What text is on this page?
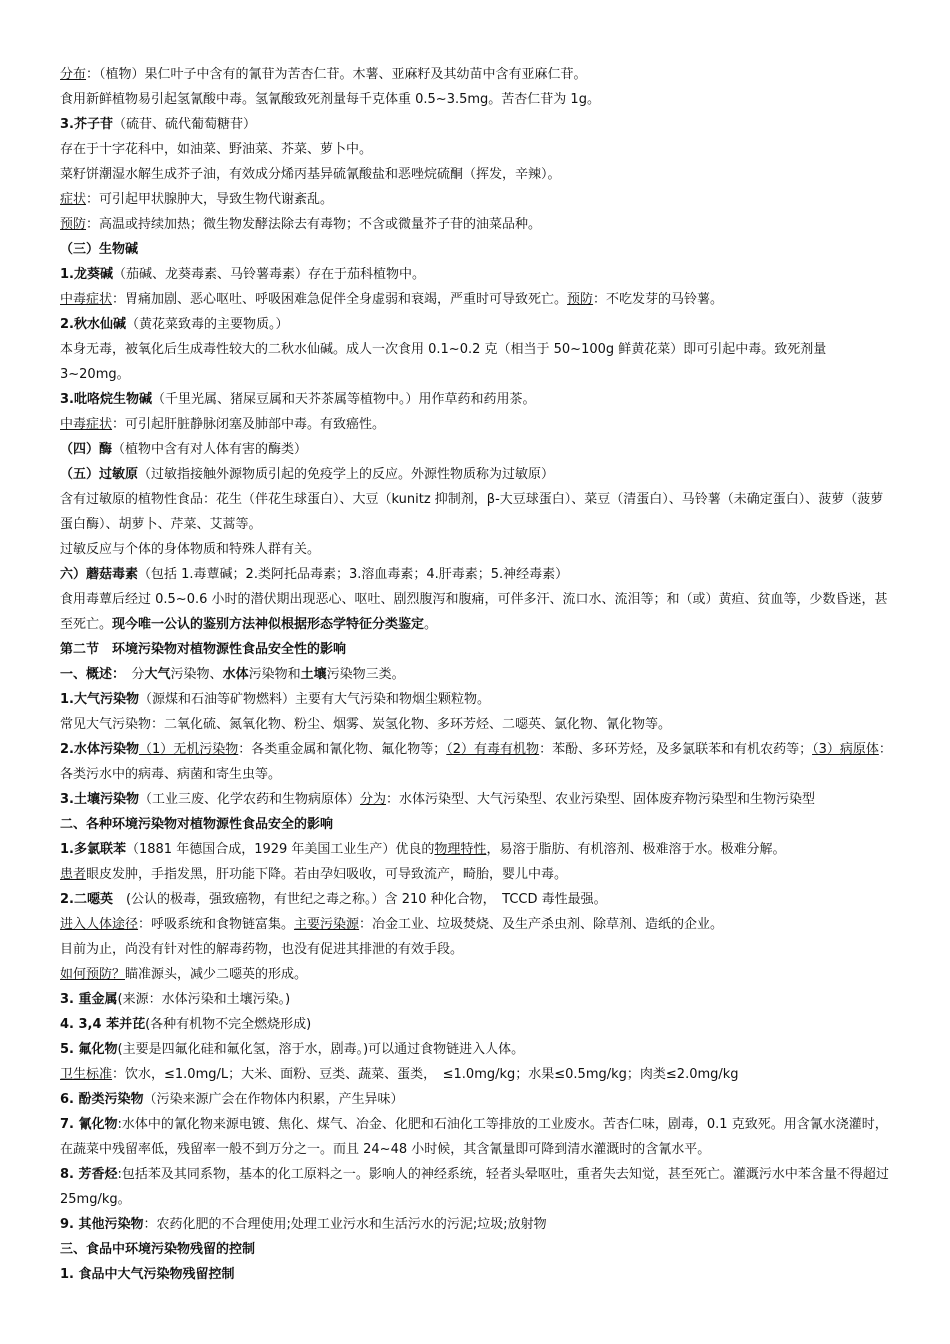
分布：（植物）果仁叶子中含有的氰苷为苦杏仁苷。木薯、亚麻籽及其幼苗中含有亚麻仁苷。

食用新鲜植物易引起氢氰酸中毒。氢氰酸致死剂量每千克体重 0.5~3.5mg。苦杏仁苷为 1g。

3.芥子苷（硫苷、硫代葡萄糖苷）

存在于十字花科中，如油菜、野油菜、芥菜、萝卜中。

菜籽饼潮湿水解生成芥子油，有效成分烯丙基异硫氰酸盐和恶唑烷硫酮（挥发，辛辣）。

症状：可引起甲状腺肿大，导致生物代谢紊乱。

预防：高温或持续加热；微生物发酵法除去有毒物；不含或微量芥子苷的油菜品种。

（三）生物碱

1.龙葵碱（茄碱、龙葵毒素、马铃薯毒素）存在于茄科植物中。

中毒症状：胃痛加剧、恶心呕吐、呼吸困难急促伴全身虚弱和衰竭，严重时可导致死亡。预防：不吃发芽的马铃薯。

2.秋水仙碱（黄花菜致毒的主要物质。）

本身无毒，被氧化后生成毒性较大的二秋水仙碱。成人一次食用 0.1~0.2 克（相当于 50~100g 鲜黄花菜）即可引起中毒。致死剂量 3~20mg。

3.吡咯烷生物碱（千里光属、猪屎豆属和天芥茶属等植物中。）用作草药和药用茶。

中毒症状：可引起肝脏静脉闭塞及肺部中毒。有致癌性。

（四）酶（植物中含有对人体有害的酶类）

（五）过敏原（过敏指接触外源物质引起的免疫学上的反应。外源性物质称为过敏原）

含有过敏原的植物性食品：花生（伴花生球蛋白）、大豆（kunitz 抑制剂，β-大豆球蛋白）、菜豆（清蛋白）、马铃薯（未确定蛋白）、菠萝（菠萝蛋白酶）、胡萝卜、芹菜、艾蒿等。

过敏反应与个体的身体物质和特殊人群有关。

六）蘑菇毒素（包括 1.毒蕈碱；2.类阿托品毒素；3.溶血毒素；4.肝毒素；5.神经毒素）

食用毒蕈后经过 0.5~0.6 小时的潜伏期出现恶心、呕吐、剧烈腹泻和腹痛，可伴多汗、流口水、流泪等；和（或）黄疸、贫血等，少数昏迷，甚至死亡。现今唯一公认的鉴别方法神似根据形态学特征分类鉴定。

第二节　环境污染物对植物源性食品安全性的影响

一、概述：　分大气污染物、水体污染物和土壤污染物三类。

1.大气污染物（源煤和石油等矿物燃料）主要有大气污染和物烟尘颗粒物。

常见大气污染物：二氧化硫、氮氧化物、粉尘、烟雾、炭氢化物、多环芳烃、二噁英、氯化物、氰化物等。

2.水体污染物（1）无机污染物：各类重金属和氰化物、氟化物等；（2）有毒有机物：苯酚、多环芳烃，及多氯联苯和有机农药等；（3）病原体：各类污水中的病毒、病菌和寄生虫等。

3.土壤污染物（工业三废、化学农药和生物病原体）分为：水体污染型、大气污染型、农业污染型、固体废弃物污染型和生物污染型

二、各种环境污染物对植物源性食品安全的影响

1.多氯联苯（1881 年德国合成，1929 年美国工业生产）优良的物理特性，易溶于脂肪、有机溶剂、极难溶于水。极难分解。

患者眼皮发肿，手指发黑，肝功能下降。若由孕妇吸收，可导致流产，畸胎，婴儿中毒。

2.二噁英　(公认的极毒，强致癌物，有世纪之毒之称。）含 210 种化合物，　TCCD 毒性最强。

进入人体途径：呼吸系统和食物链富集。主要污染源：冶金工业、垃圾焚烧、及生产杀虫剂、除草剂、造纸的企业。

目前为止，尚没有针对性的解毒药物，也没有促进其排泄的有效手段。

如何预防？瞄准源头，减少二噁英的形成。

3. 重金属(来源：水体污染和土壤污染。)

4. 3,4 苯并芘(各种有机物不完全燃烧形成)

5. 氟化物(主要是四氟化硅和氟化氢，溶于水，剧毒。)可以通过食物链进入人体。

卫生标准：饮水，≤1.0mg/L；大米、面粉、豆类、蔬菜、蛋类，　≤1.0mg/kg；水果≤0.5mg/kg；肉类≤2.0mg/kg

6. 酚类污染物（污染来源广会在作物体内积累，产生异味）

7. 氰化物:水体中的氰化物来源电镀、焦化、煤气、冶金、化肥和石油化工等排放的工业废水。苦杏仁味，剧毒，0.1 克致死。用含氰水浇灌时，在蔬菜中残留率低，残留率一般不到万分之一。而且 24~48 小时候，其含氰量即可降到清水灌溉时的含氰水平。

8. 芳香烃:包括苯及其同系物，基本的化工原料之一。影响人的神经系统，轻者头晕呕吐，重者失去知觉，甚至死亡。灌溉污水中苯含量不得超过 25mg/kg。

9. 其他污染物：农药化肥的不合理使用;处理工业污水和生活污水的污泥;垃圾;放射物

三、食品中环境污染物残留的控制

1. 食品中大气污染物残留控制
